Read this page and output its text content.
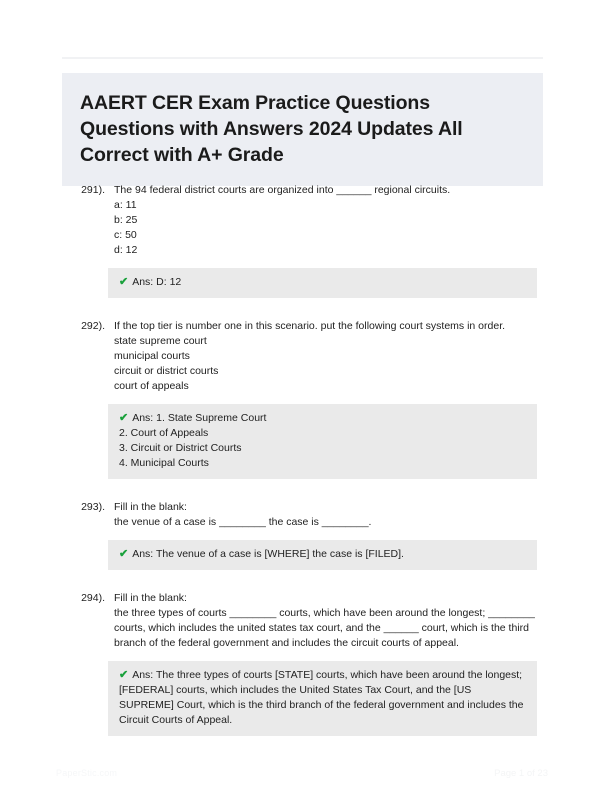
AAERT CER Exam Practice Questions Questions with Answers 2024 Updates All Correct with A+ Grade
291). The 94 federal district courts are organized into ______ regional circuits.
a: 11
b: 25
c: 50
d: 12
✔ Ans: D: 12
292). If the top tier is number one in this scenario. put the following court systems in order.
state supreme court
municipal courts
circuit or district courts
court of appeals
✔ Ans: 1. State Supreme Court
2. Court of Appeals
3. Circuit or District Courts
4. Municipal Courts
293). Fill in the blank:
the venue of a case is ________ the case is ________.
✔ Ans: The venue of a case is [WHERE] the case is [FILED].
294). Fill in the blank:
the three types of courts ________ courts, which have been around the longest; ________ courts, which includes the united states tax court, and the ______ court, which is the third branch of the federal government and includes the circuit courts of appeal.
✔ Ans: The three types of courts [STATE] courts, which have been around the longest; [FEDERAL] courts, which includes the United States Tax Court, and the [US SUPREME] Court, which is the third branch of the federal government and includes the Circuit Courts of Appeal.
PaperStic.com	Page 1 of 23
